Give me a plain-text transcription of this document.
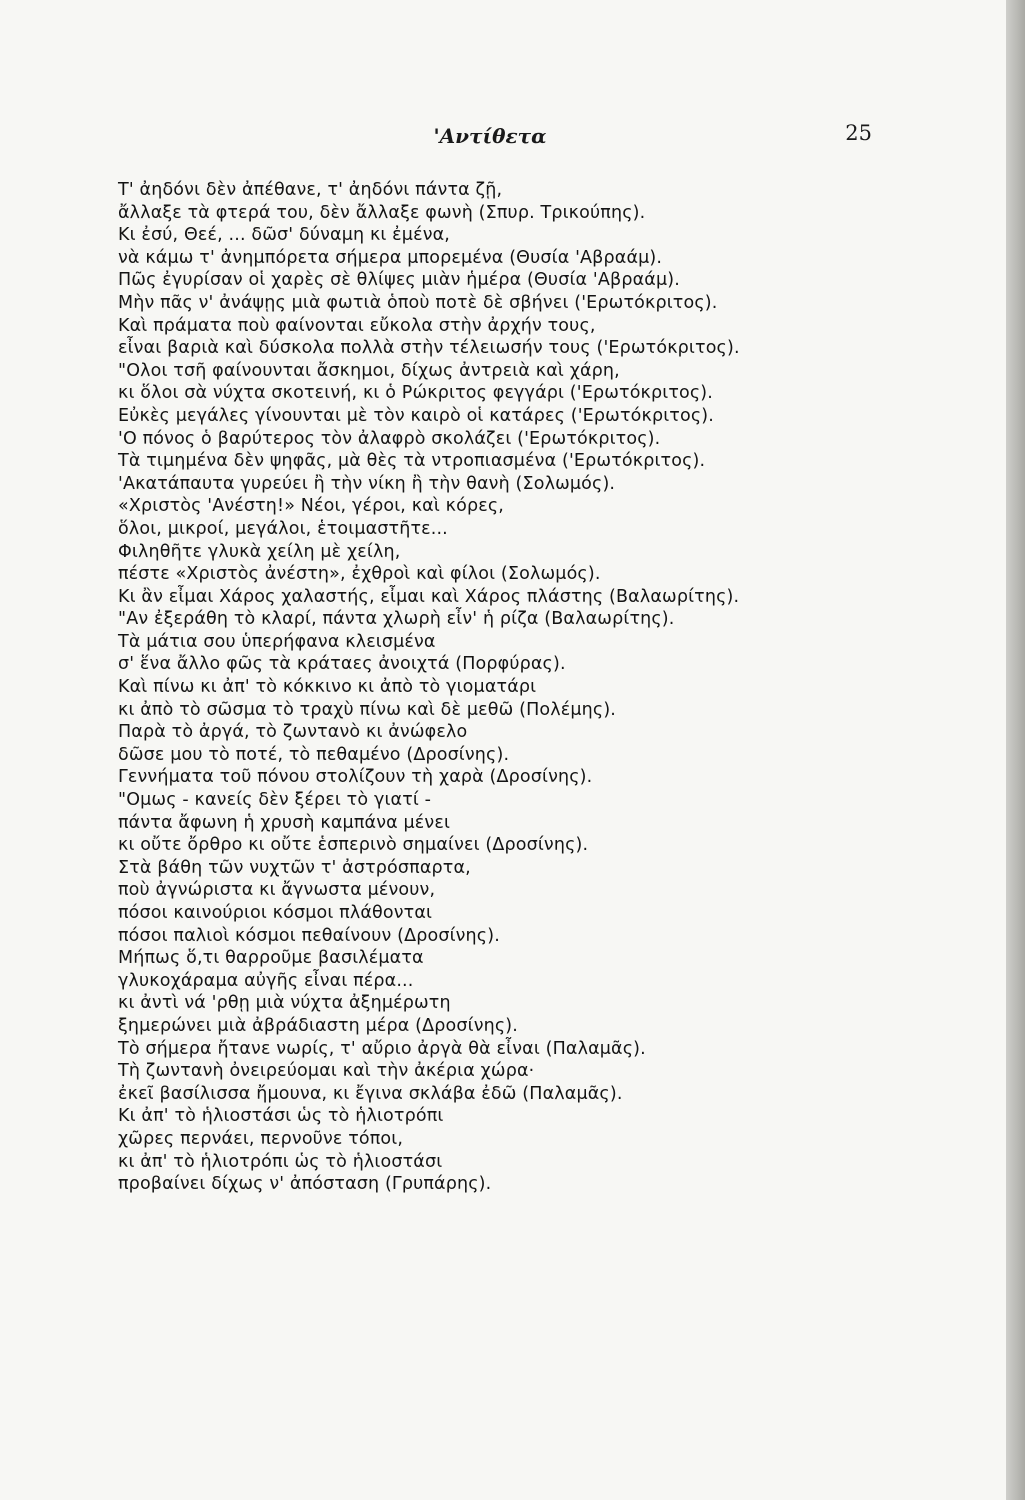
'Αντίθετα	25
Τ' ἀηδόνι δὲν ἀπέθανε, τ' ἀηδόνι πάντα ζῇ,
ἄλλαξε τὰ φτερά του, δὲν ἄλλαξε φωνὴ (Σπυρ. Τρικούπης).
Κι ἐσύ, Θεέ, ... δῶσ' δύναμη κι ἐμένα,
νὰ κάμω τ' ἀνημπόρετα σήμερα μπορεμένα (Θυσία 'Αβραάμ).
Πῶς ἐγυρίσαν οἱ χαρὲς σὲ θλίψες μιὰν ἡμέρα (Θυσία 'Αβραάμ).
Μὴν πᾶς ν' ἀνάψῃς μιὰ φωτιὰ ὁποὺ ποτὲ δὲ σβήνει ('Ερωτόκριτος).
Καὶ πράματα ποὺ φαίνονται εὔκολα στὴν ἀρχήν τους,
εἶναι βαριὰ καὶ δύσκολα πολλὰ στὴν τέλειωσήν τους ('Ερωτόκριτος).
"Ολοι τσῆ φαίνουνται ἄσκημοι, δίχως ἀντρειὰ καὶ χάρη,
κι ὅλοι σὰ νύχτα σκοτεινή, κι ὁ Ρώκριτος φεγγάρι ('Ερωτόκριτος).
Εὐκὲς μεγάλες γίνουνται μὲ τὸν καιρὸ οἱ κατάρες ('Ερωτόκριτος).
'Ο πόνος ὁ βαρύτερος τὸν ἀλαφρὸ σκολάζει ('Ερωτόκριτος).
Τὰ τιμημένα δὲν ψηφᾶς, μὰ θὲς τὰ ντροπιασμένα ('Ερωτόκριτος).
'Ακατάπαυτα γυρεύει ἢ τὴν νίκη ἢ τὴν θανὴ (Σολωμός).
«Χριστὸς 'Ανέστη!» Νέοι, γέροι, καὶ κόρες,
ὅλοι, μικροί, μεγάλοι, ἑτοιμαστῆτε...
Φιληθῆτε γλυκὰ χείλη μὲ χείλη,
πέστε «Χριστὸς ἀνέστη», ἐχθροὶ καὶ φίλοι (Σολωμός).
Κι ἂν εἶμαι Χάρος χαλαστής, εἶμαι καὶ Χάρος πλάστης (Βαλαωρίτης).
"Αν ἐξεράθη τὸ κλαρί, πάντα χλωρὴ εἶν' ἡ ρίζα (Βαλαωρίτης).
Τὰ μάτια σου ὑπερήφανα κλεισμένα
σ' ἕνα ἄλλο φῶς τὰ κράταες ἀνοιχτά (Πορφύρας).
Καὶ πίνω κι ἀπ' τὸ κόκκινο κι ἀπὸ τὸ γιοματάρι
κι ἀπὸ τὸ σῶσμα τὸ τραχὺ πίνω καὶ δὲ μεθῶ (Πολέμης).
Παρὰ τὸ ἀργά, τὸ ζωντανὸ κι ἀνώφελο
δῶσε μου τὸ ποτέ, τὸ πεθαμένο (Δροσίνης).
Γεννήματα τοῦ πόνου στολίζουν τὴ χαρὰ (Δροσίνης).
"Ομως - κανείς δὲν ξέρει τὸ γιατί -
πάντα ἄφωνη ἡ χρυσὴ καμπάνα μένει
κι οὔτε ὄρθρο κι οὔτε ἑσπερινὸ σημαίνει (Δροσίνης).
Στὰ βάθη τῶν νυχτῶν τ' ἀστρόσπαρτα,
ποὺ ἀγνώριστα κι ἄγνωστα μένουν,
πόσοι καινούριοι κόσμοι πλάθονται
πόσοι παλιοὶ κόσμοι πεθαίνουν (Δροσίνης).
Μήπως ὅ,τι θαρροῦμε βασιλέματα
γλυκοχάραμα αὐγῆς εἶναι πέρα...
κι ἀντὶ νά 'ρθῃ μιὰ νύχτα ἀξημέρωτη
ξημερώνει μιὰ ἀβράδιαστη μέρα (Δροσίνης).
Τὸ σήμερα ἤτανε νωρίς, τ' αὔριο ἀργὰ θὰ εἶναι (Παλαμᾶς).
Τὴ ζωντανὴ ὀνειρεύομαι καὶ τὴν ἀκέρια χώρα·
ἐκεῖ βασίλισσα ἤμουνα, κι ἔγινα σκλάβα ἐδῶ (Παλαμᾶς).
Κι ἀπ' τὸ ἡλιοστάσι ὡς τὸ ἡλιοτρόπι
χῶρες περνάει, περνοῦνε τόποι,
κι ἀπ' τὸ ἡλιοτρόπι ὡς τὸ ἡλιοστάσι
προβαίνει δίχως ν' ἀπόσταση (Γρυπάρης).
